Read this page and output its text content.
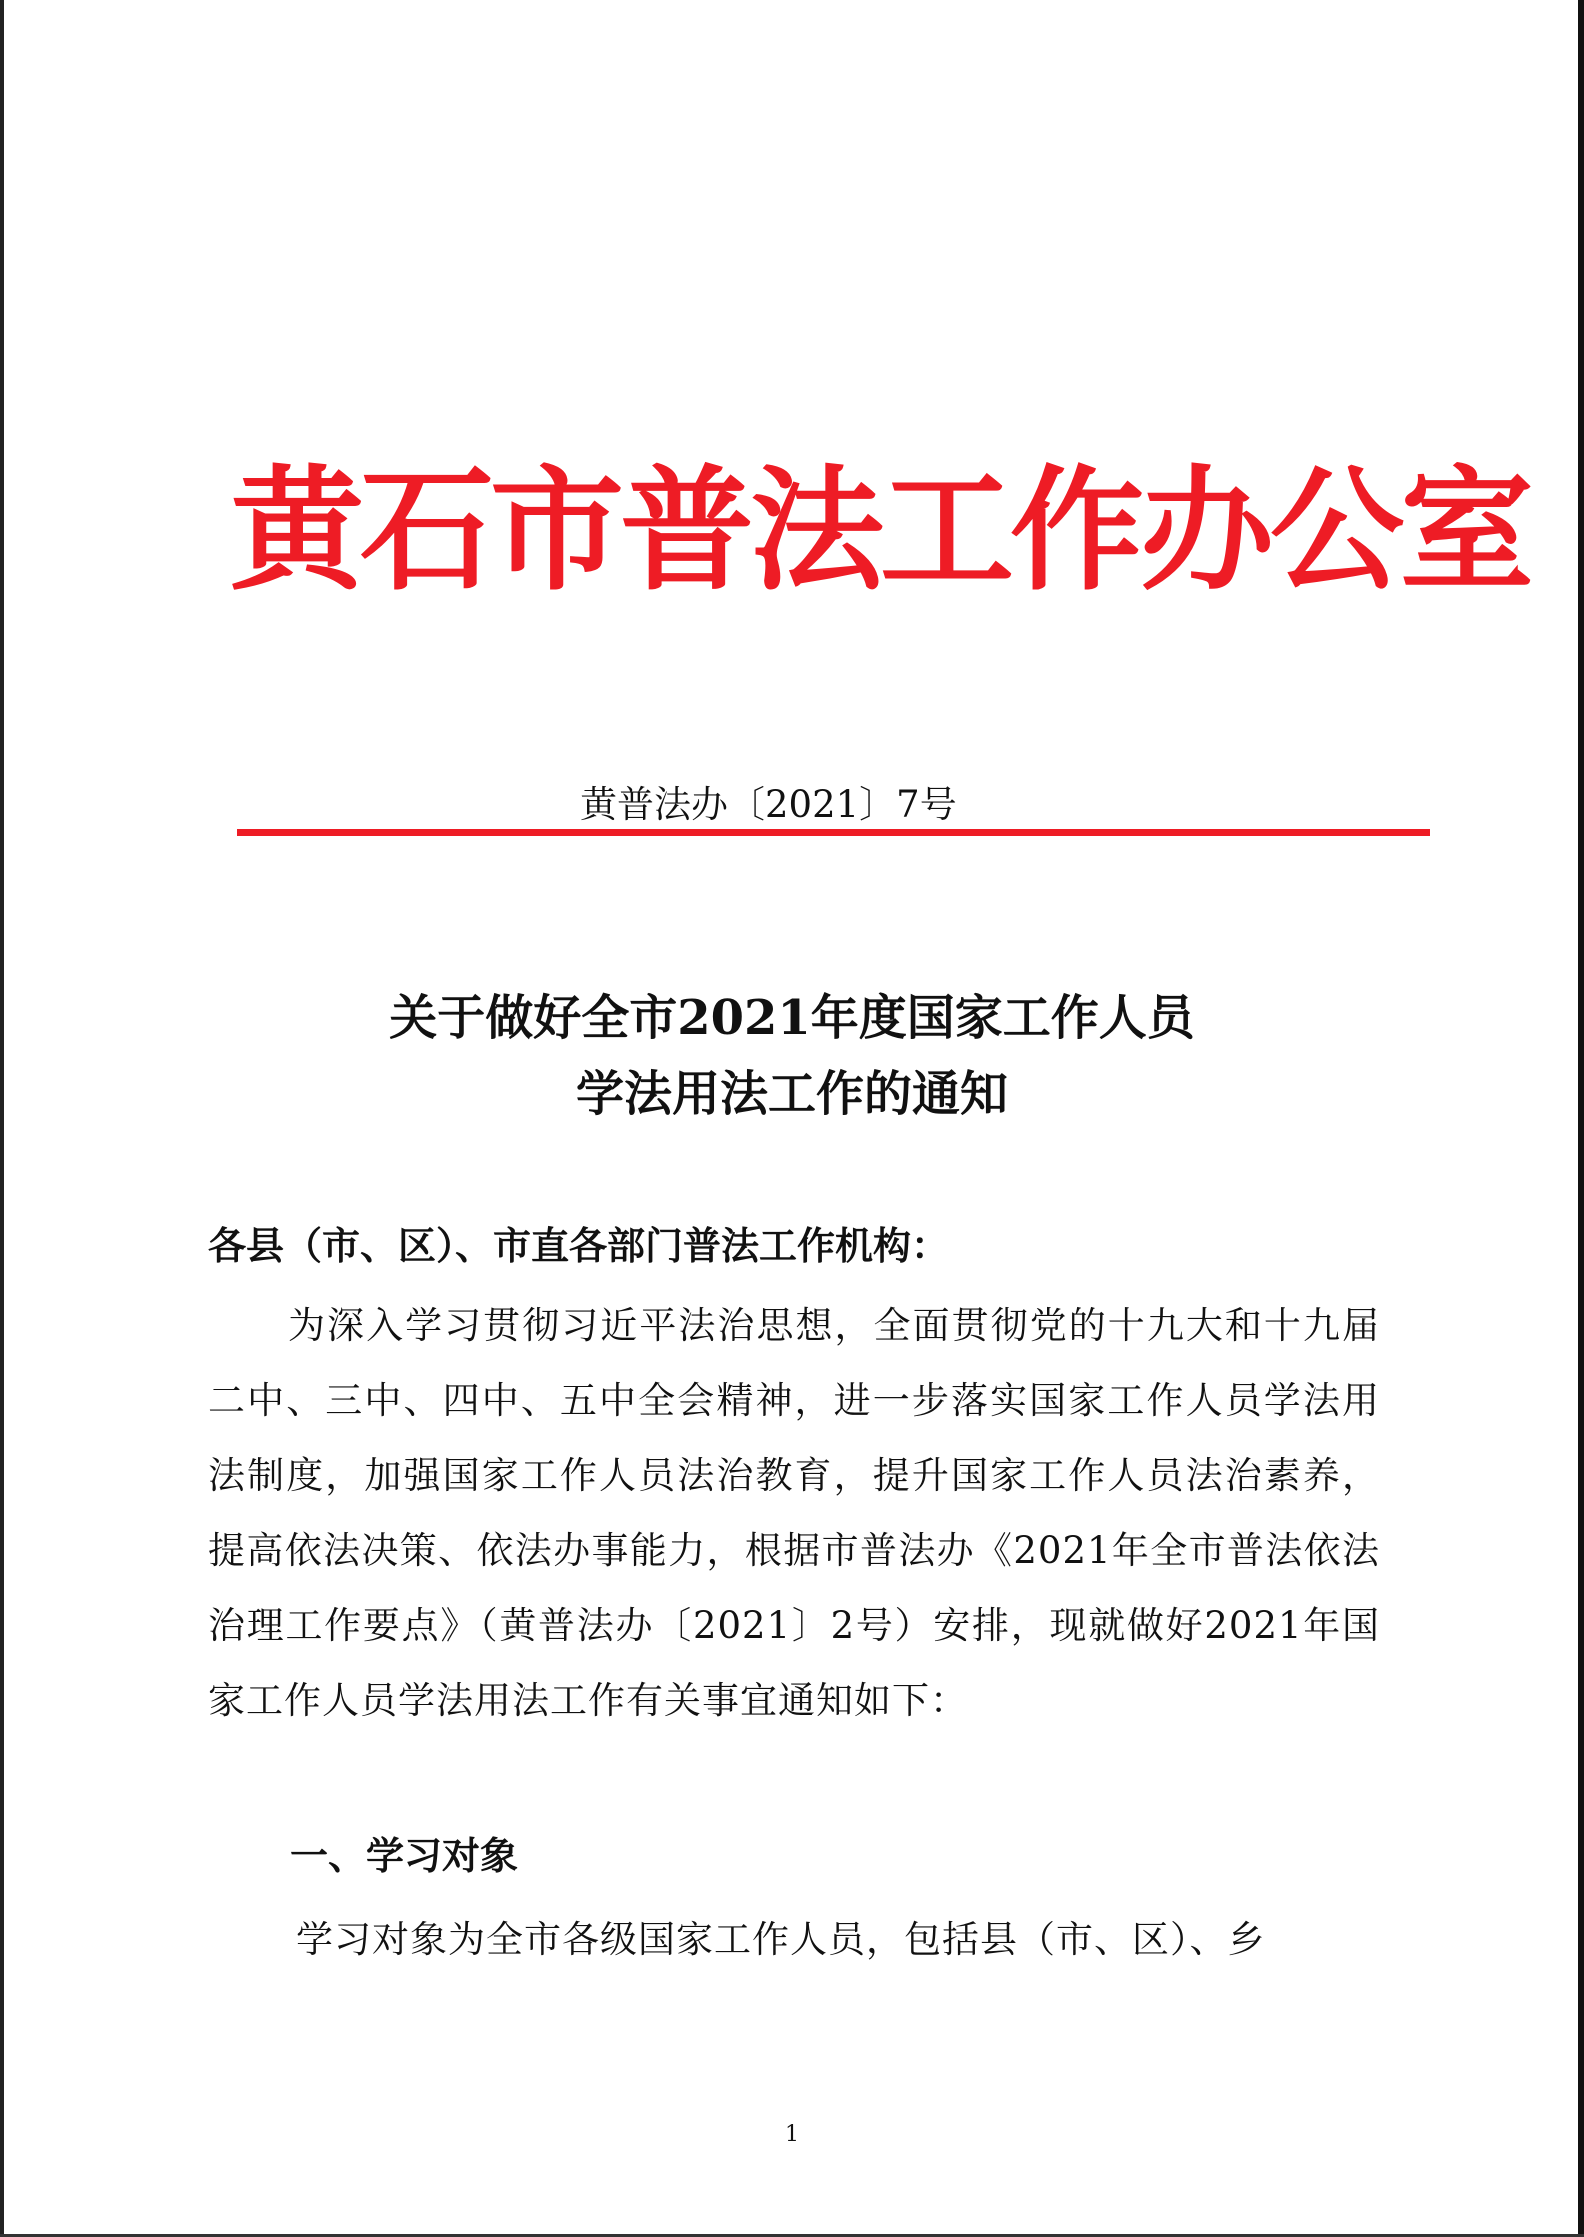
黄石市普法工作办公室
黄普法办〔2021〕7号
关于做好全市2021年度国家工作人员
学法用法工作的通知
各县（市、区）、市直各部门普法工作机构：
为深入学习贯彻习近平法治思想，全面贯彻党的十九大和十九届二中、三中、四中、五中全会精神，进一步落实国家工作人员学法用法制度，加强国家工作人员法治教育，提升国家工作人员法治素养，提高依法决策、依法办事能力，根据市普法办《2021年全市普法依法治理工作要点》（黄普法办〔2021〕2号）安排，现就做好2021年国家工作人员学法用法工作有关事宜通知如下：
一、学习对象
学习对象为全市各级国家工作人员，包括县（市、区）、乡
1
